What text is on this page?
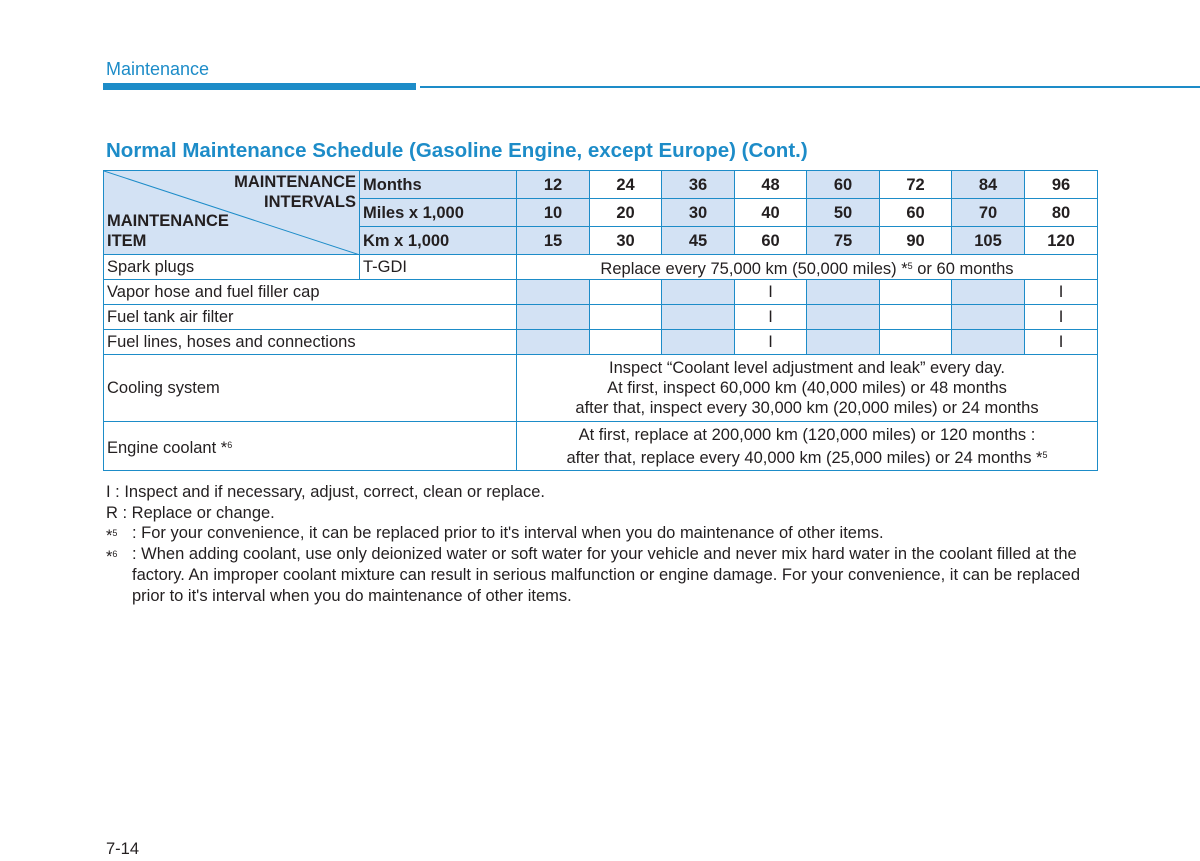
Maintenance
Normal Maintenance Schedule (Gasoline Engine, except Europe) (Cont.)
MAINTENANCE
INTERVALS
MAINTENANCE
ITEM	Months	12	24	36	48	60	72	84	96
	Miles x 1,000	10	20	30	40	50	60	70	80
	Km x 1,000	15	30	45	60	75	90	105	120
Spark plugs	T-GDI	Replace every 75,000 km (50,000 miles) *$^5$ or 60 months							
Vapor hose and fuel filler cap					I				I
Fuel tank air filter					I				I
Fuel lines, hoses and connections					I				I
Cooling system		Inspect “Coolant level adjustment and leak” every day.
At first, inspect 60,000 km (40,000 miles) or 48 months
after that, inspect every 30,000 km (20,000 miles) or 24 months							

Engine coolant *$^6$		At first, replace at 200,000 km (120,000 miles) or 120 months :
after that, replace every 40,000 km (25,000 miles) or 24 months *$^5$
I : Inspect and if necessary, adjust, correct, clean or replace.
R : Replace or change.
*$^5$ : For your convenience, it can be replaced prior to it's interval when you do maintenance of other items.
*$^6$ : When adding coolant, use only deionized water or soft water for your vehicle and never mix hard water in the coolant filled at the factory. An improper coolant mixture can result in serious malfunction or engine damage. For your convenience, it can be replaced prior to it's interval when you do maintenance of other items.
7-14
